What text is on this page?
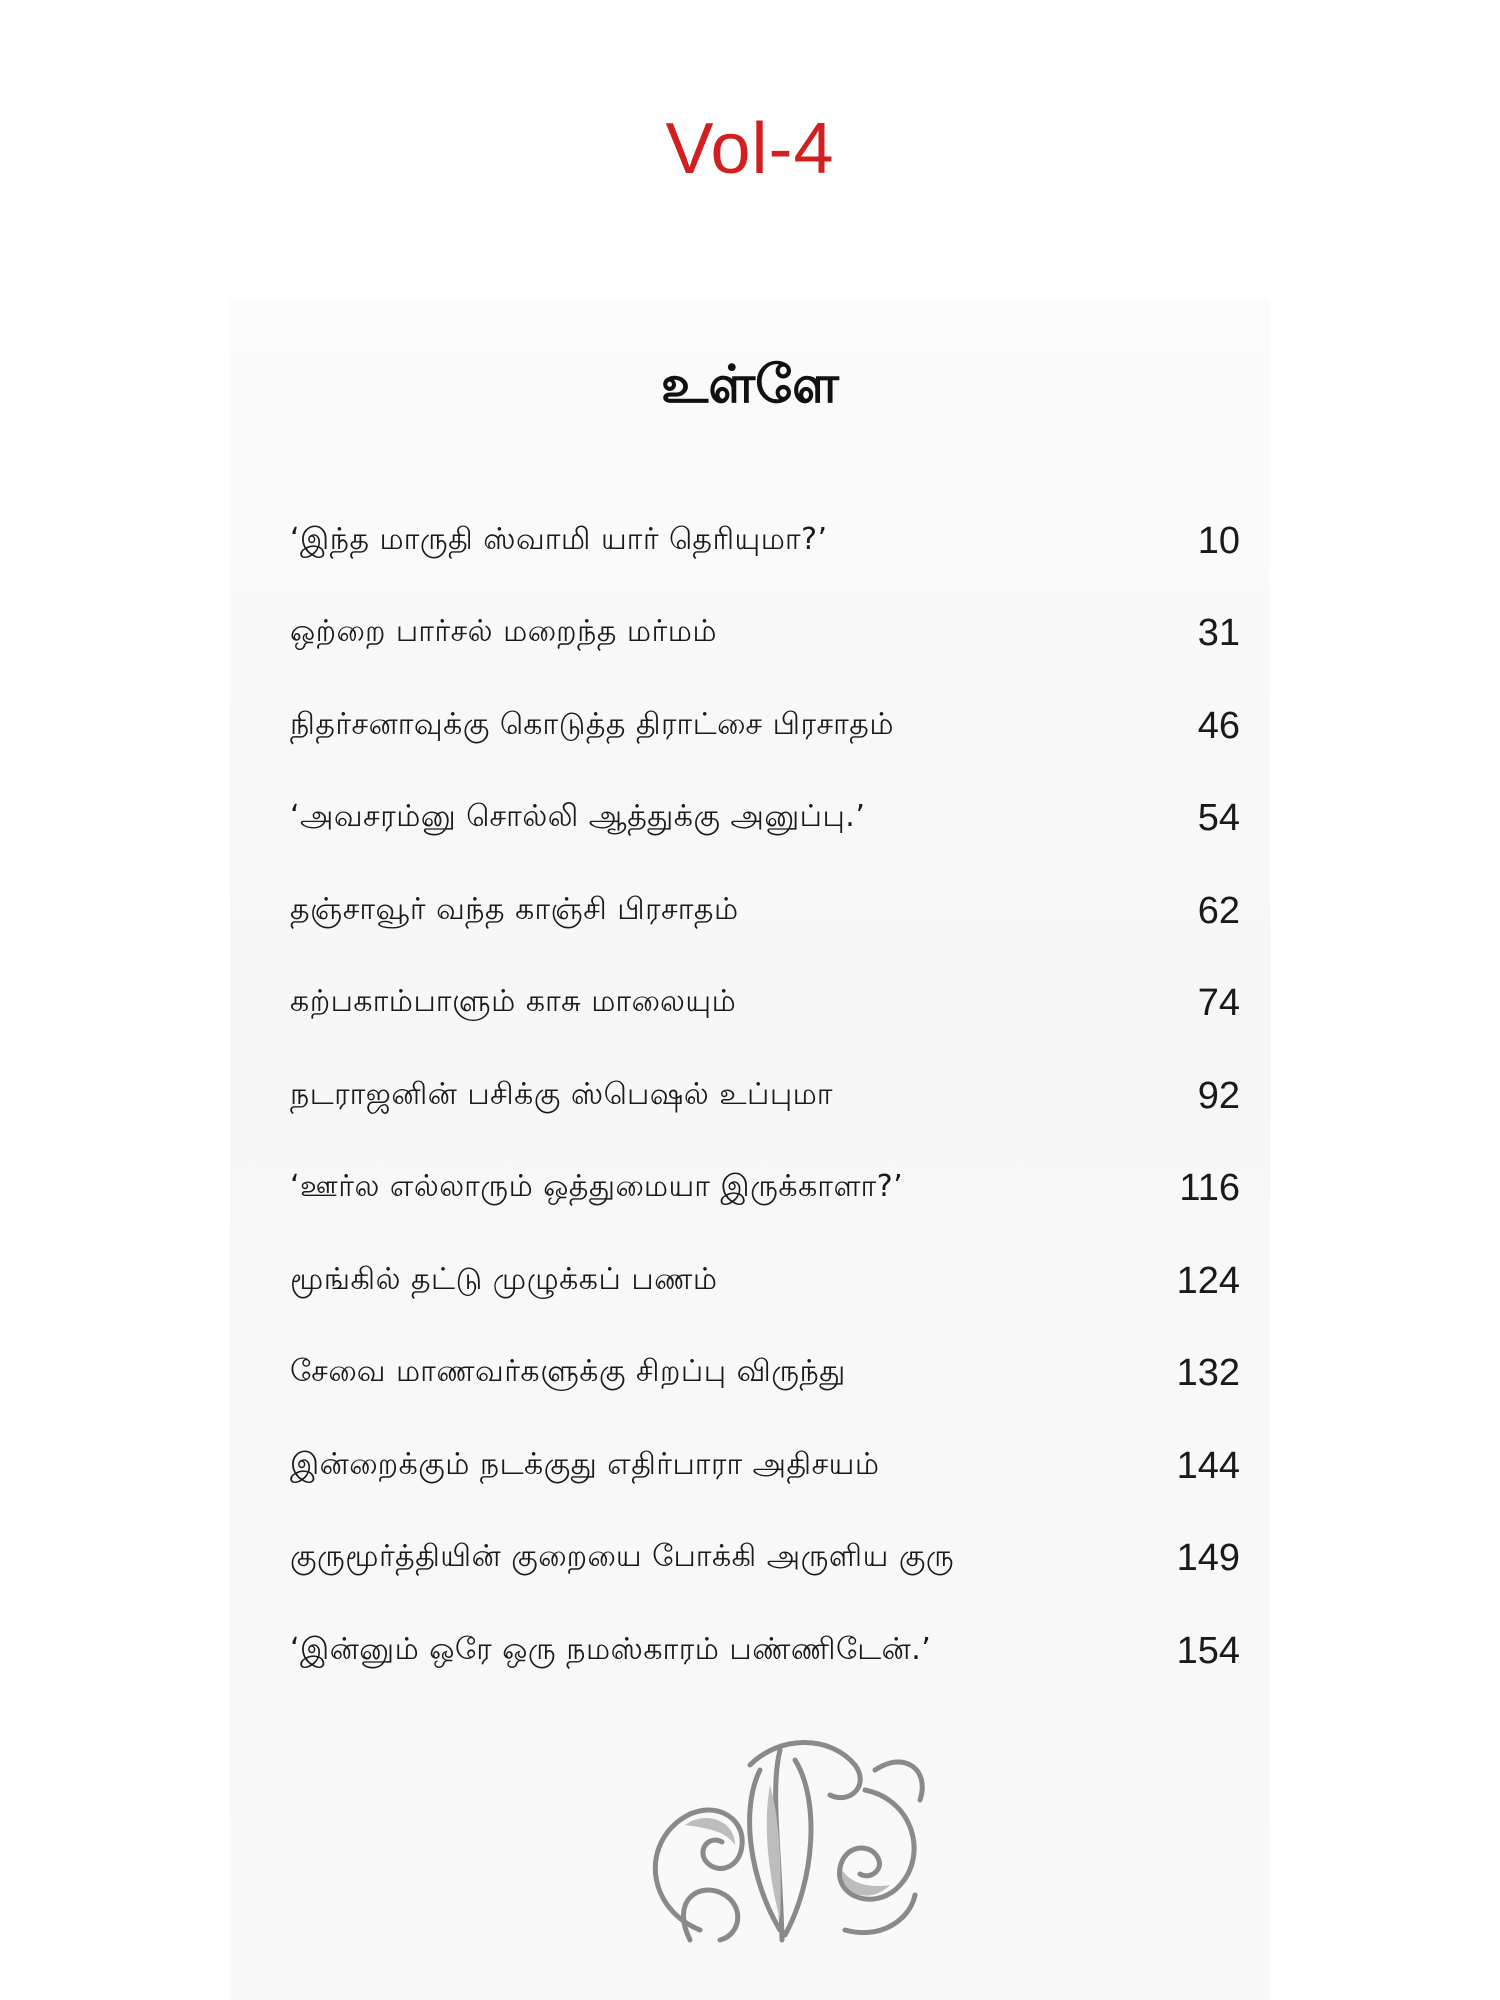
Vol-4
உள்ளே
‘இந்த மாருதி ஸ்வாமி யார் தெரியுமா?’	10
ஒற்றை பார்சல் மறைந்த மர்மம்	31
நிதர்சனாவுக்கு கொடுத்த திராட்சை பிரசாதம்	46
‘அவசரம்னு சொல்லி ஆத்துக்கு அனுப்பு.’	54
தஞ்சாவூர் வந்த காஞ்சி பிரசாதம்	62
கற்பகாம்பாளும் காசு மாலையும்	74
நடராஜனின் பசிக்கு ஸ்பெஷல் உப்புமா	92
‘ஊர்ல எல்லாரும் ஒத்துமையா இருக்காளா?’	116
மூங்கில் தட்டு முழுக்கப் பணம்	124
சேவை மாணவர்களுக்கு சிறப்பு விருந்து	132
இன்றைக்கும் நடக்குது எதிர்பாரா அதிசயம்	144
குருமூர்த்தியின் குறையை போக்கி அருளிய குரு	149
‘இன்னும் ஒரே ஒரு நமஸ்காரம் பண்ணிடேன்.’	154
